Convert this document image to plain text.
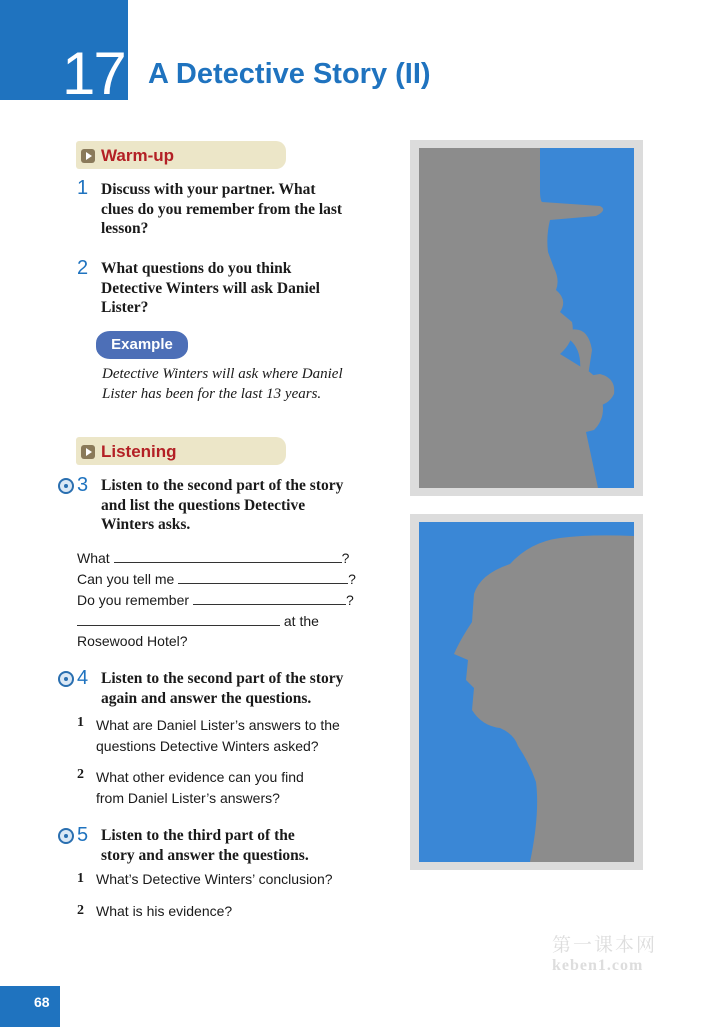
17 A Detective Story (II)
Warm-up
1 Discuss with your partner. What
clues do you remember from the last
lesson?
2 What questions do you think
Detective Winters will ask Daniel
Lister?
Example
Detective Winters will ask where Daniel
Lister has been for the last 13 years.
Listening
3 Listen to the second part of the story
and list the questions Detective
Winters asks.
What	?
Can you tell me	?
Do you remember	?
at the
Rosewood Hotel?
4 Listen to the second part of the story
again and answer the questions.
1 What are Daniel Lister’s answers to the
questions Detective Winters asked?
2 What other evidence can you find
from Daniel Lister’s answers?
5 Listen to the third part of the
story and answer the questions.
1 What’s Detective Winters’ conclusion?
2 What is his evidence?
68
第一课本网
keben1.com
